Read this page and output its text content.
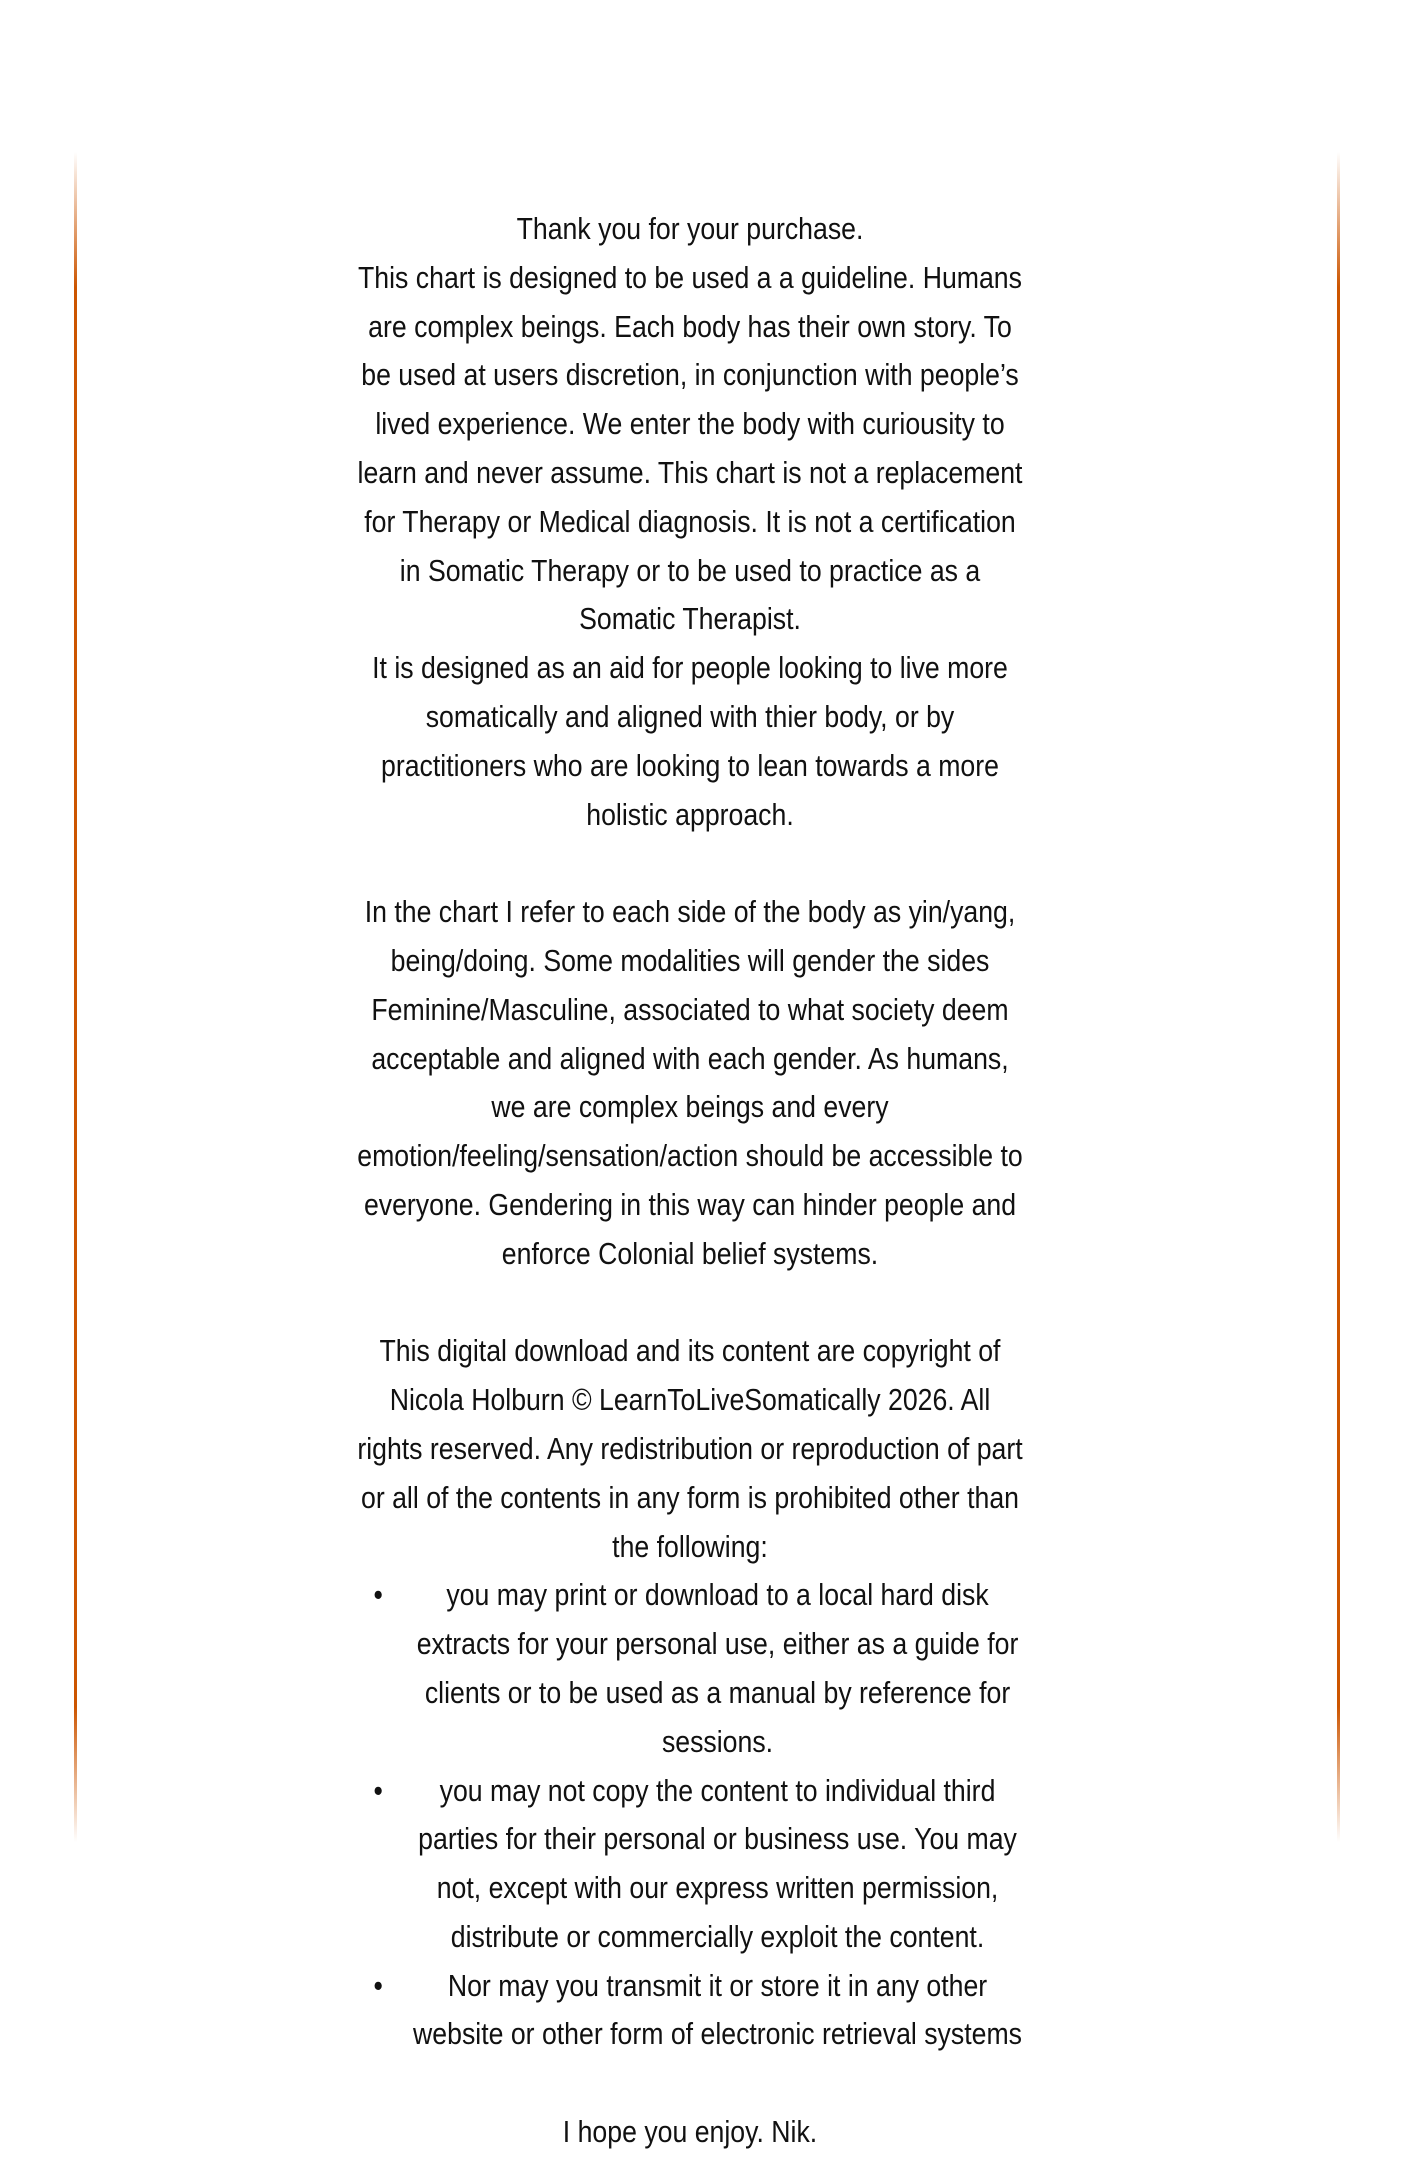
Thank you for your purchase.

This chart is designed to be used a a guideline. Humans are complex beings. Each body has their own story. To be used at users discretion, in conjunction with people’s lived experience. We enter the body with curiousity to learn and never assume. This chart is not a replacement for Therapy or Medical diagnosis. It is not a certification in Somatic Therapy or to be used to practice as a Somatic Therapist.

It is designed as an aid for people looking to live more somatically and aligned with thier body, or by practitioners who are looking to lean towards a more holistic approach.

In the chart I refer to each side of the body as yin/yang, being/doing. Some modalities will gender the sides Feminine/Masculine, associated to what society deem acceptable and aligned with each gender. As humans, we are complex beings and every emotion/feeling/sensation/action should be accessible to everyone. Gendering in this way can hinder people and enforce Colonial belief systems.

This digital download and its content are copyright of Nicola Holburn © LearnToLiveSomatically 2026. All rights reserved. Any redistribution or reproduction of part or all of the contents in any form is prohibited other than the following:

• you may print or download to a local hard disk extracts for your personal use, either as a guide for clients or to be used as a manual by reference for sessions.
• you may not copy the content to individual third parties for their personal or business use. You may not, except with our express written permission, distribute or commercially exploit the content.
• Nor may you transmit it or store it in any other website or other form of electronic retrieval systems

I hope you enjoy. Nik.
